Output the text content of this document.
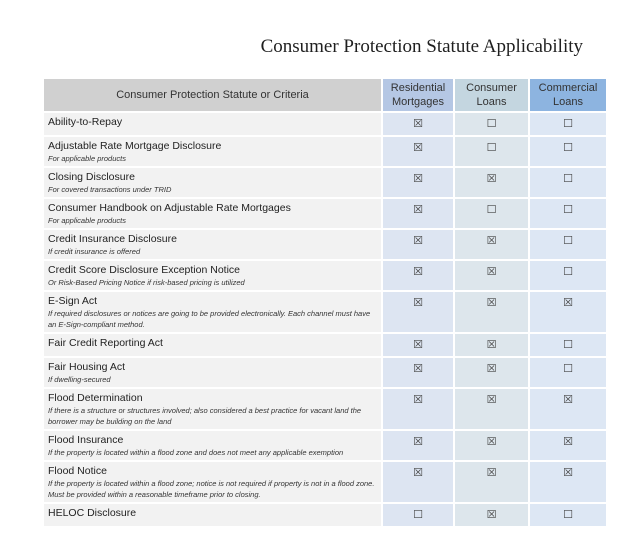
Consumer Protection Statute Applicability
Consumer Protection Statute or Criteria	Residential Mortgages	Consumer Loans	Commercial Loans

Ability-to-Repay	☒	☐	☐

Adjustable Rate Mortgage Disclosure
For applicable products	☒	☐	☐

Closing Disclosure
For covered transactions under TRID	☒	☒	☐

Consumer Handbook on Adjustable Rate Mortgages
For applicable products	☒	☐	☐

Credit Insurance Disclosure
If credit insurance is offered	☒	☒	☐

Credit Score Disclosure Exception Notice
Or Risk-Based Pricing Notice if risk-based pricing is utilized	☒	☒	☐

E-Sign Act
If required disclosures or notices are going to be provided electronically. Each channel must have an E-Sign-compliant method.	☒	☒	☒

Fair Credit Reporting Act	☒	☒	☐

Fair Housing Act
If dwelling-secured	☒	☒	☐

Flood Determination
If there is a structure or structures involved; also considered a best practice for vacant land the borrower may be building on the land	☒	☒	☒

Flood Insurance
If the property is located within a flood zone and does not meet any applicable exemption	☒	☒	☒

Flood Notice
If the property is located within a flood zone; notice is not required if property is not in a flood zone. Must be provided within a reasonable timeframe prior to closing.	☒	☒	☒

HELOC Disclosure	☐	☒	☐
